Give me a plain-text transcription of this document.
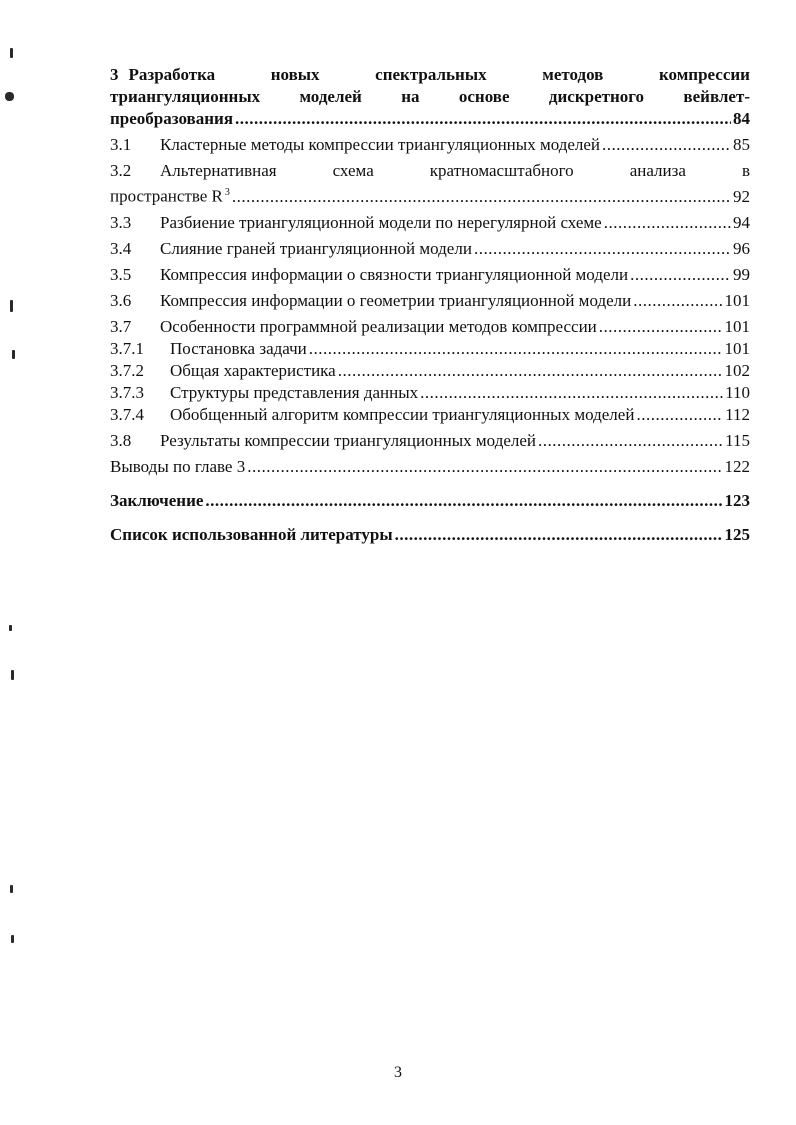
3 Разработка	новых	спектральных	методов	компрессии
триангуляционных моделей на основе дискретного вейвлет-
преобразования .....	84
3.1	Кластерные методы компрессии триангуляционных моделей .....	85
3.2	Альтернативная	схема	кратномасштабного	анализа	в
пространстве R $^3$ .....	92
3.3	Разбиение триангуляционной модели по нерегулярной схеме .....	94
3.4	Слияние граней триангуляционной модели .....	96
3.5	Компрессия информации о связности триангуляционной модели .....	99
3.6	Компрессия информации о геометрии триангуляционной модели .....	101
3.7	Особенности программной реализации методов компрессии .....	101
3.7.1	Постановка задачи .....	101
3.7.2	Общая характеристика .....	102
3.7.3	Структуры представления данных .....	110
3.7.4	Обобщенный алгоритм компрессии триангуляционных моделей .....	112
3.8	Результаты компрессии триангуляционных моделей .....	115
Выводы по главе 3 .....	122
Заключение .....	123
Список использованной литературы .....	125
3
